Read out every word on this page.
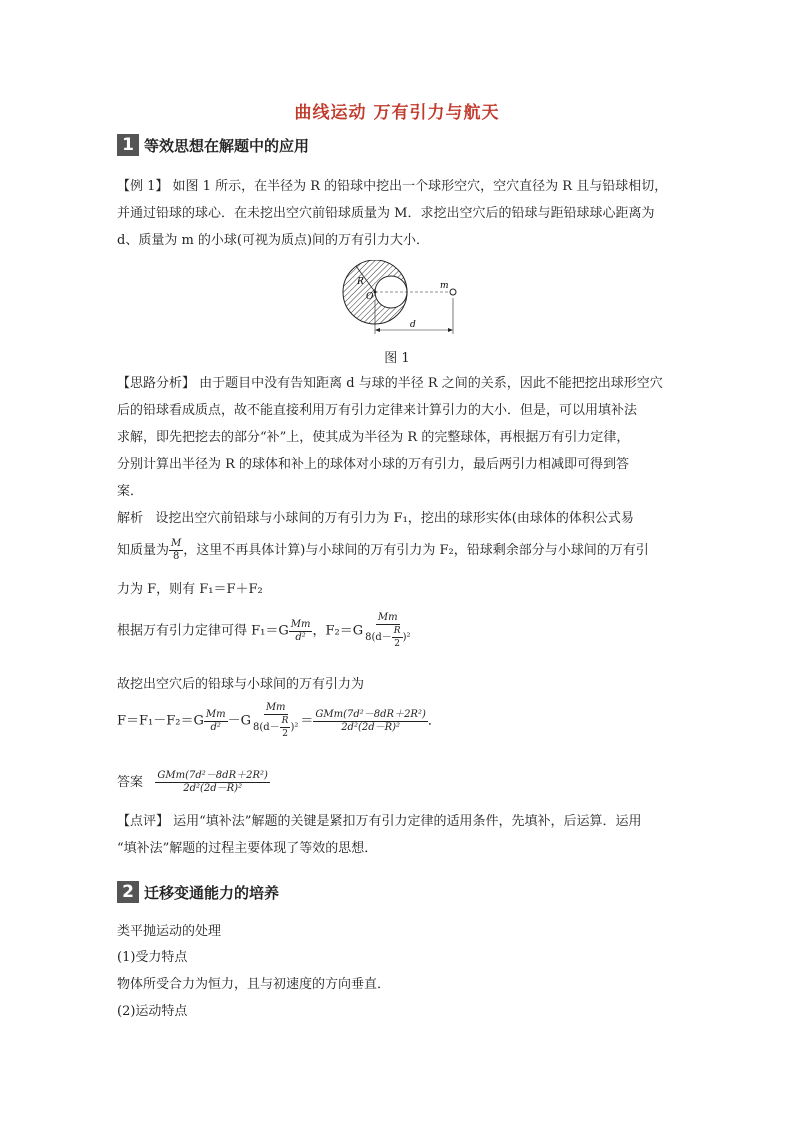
曲线运动 万有引力与航天
1 等效思想在解题中的应用
【例 1】 如图 1 所示，在半径为 R 的铅球中挖出一个球形空穴，空穴直径为 R 且与铅球相切，
并通过铅球的球心．在未挖出空穴前铅球质量为 M．求挖出空穴后的铅球与距铅球球心距离为
d、质量为 m 的小球(可视为质点)间的万有引力大小．
R
O
m
d
图 1
【思路分析】 由于题目中没有告知距离 d 与球的半径 R 之间的关系，因此不能把挖出球形空穴
后的铅球看成质点，故不能直接利用万有引力定律来计算引力的大小．但是，可以用填补法
求解，即先把挖去的部分“补”上，使其成为半径为 R 的完整球体，再根据万有引力定律，
分别计算出半径为 R 的球体和补上的球体对小球的万有引力，最后两引力相减即可得到答
案．
解析 设挖出空穴前铅球与小球间的万有引力为 F₁，挖出的球形实体(由球体的体积公式易
知质量为 $\frac{M}{8}$ ，这里不再具体计算)与小球间的万有引力为 F₂，铅球剩余部分与小球间的万有引
力为 F，则有 F₁＝F＋F₂
根据万有引力定律可得 $F_1=G \frac{Mm}{\text{d²}}$ ，$F_2=G \frac{Mm}{8(d- \frac{R}{2} )^2}$
故挖出空穴后的铅球与小球间的万有引力为
$F=F_1-F_2=G \frac{Mm}{\text{d²}} -G \frac{Mm}{8(d- \frac{R}{2} )^2} = \frac{\text{GMm(7d²－8dR＋2R²)}}{\text{2d²(2d－R)²}}$ ．
答案 $\frac{\text{GMm(7d²－8dR＋2R²)}}{\text{2d²(2d－R)²}}$
【点评】 运用“填补法”解题的关键是紧扣万有引力定律的适用条件，先填补，后运算．运用
“填补法”解题的过程主要体现了等效的思想．
2 迁移变通能力的培养
类平抛运动的处理
(1)受力特点
物体所受合力为恒力，且与初速度的方向垂直．
(2)运动特点
